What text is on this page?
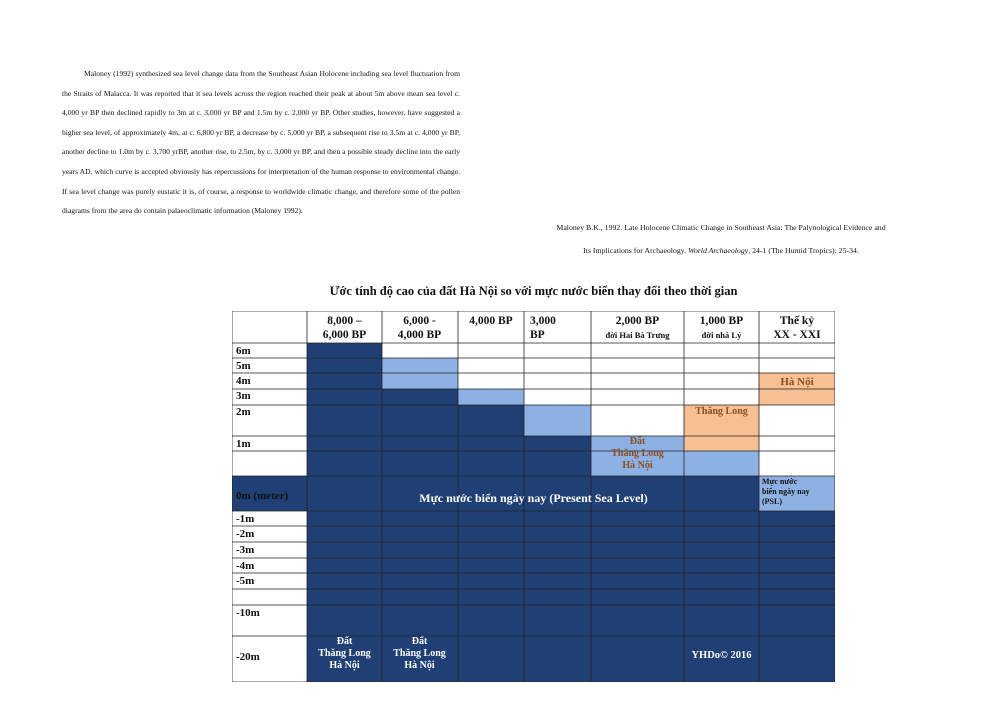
Maloney (1992) synthesized sea level change data from the Southeast Asian Holocene including sea level fluctuation from the Straits of Malacca. It was reported that it sea levels across the region reached their peak at about 5m above mean sea level c. 4,000 yr BP then declined rapidly to 3m at c. 3,000 yr BP and 1.5m by c. 2,000 yr BP. Other studies, however, have suggested a higher sea level, of approximately 4m, at c. 6,800 yr BP, a decrease by c. 5,000 yr BP, a subsequent rise to 3.5m at c. 4,000 yr BP, another decline to 1.0m by c. 3,700 yrBP, another rise, to 2.5m, by c. 3,000 yr BP, and then a possible steady decline into the early years AD. which curve is accepted obviously has repercussions for interpretation of the human response to environmental change. If sea level change was purely eustatic it is, of course, a response to worldwide climatic change, and therefore some of the pollen diagrams from the area do contain palaeoclimatic information (Maloney 1992).
Maloney B.K., 1992. Late Holocene Climatic Change in Southeast Asia: The Palynological Evidence and
Its Implications for Archaeology. World Archaeology, 24-1 (The Humid Tropics): 25-34.
Ước tính độ cao của đất Hà Nội so với mực nước biển thay đổi theo thời gian
8,000 –
6,000 BP
6,000 -
4,000 BP
4,000 BP	3,000
BP
2,000 BP
đời Hai Bà Trưng
1,000 BP
đời nhà Lý
Thế kỷ
XX - XXI
6m
5m
4m
3m
2m
1m
0m (meter)
-1m
-2m
-3m
-4m
-5m
-10m
-20m
Mực nước biển ngày nay (Present Sea Level)
Mực nước
biển ngày nay
(PSL)
Đất
Thăng Long
Hà Nội
Thăng Long
Hà Nội
Đất
Thăng Long
Hà Nội
Đất
Thăng Long
Hà Nội
YHDo© 2016
